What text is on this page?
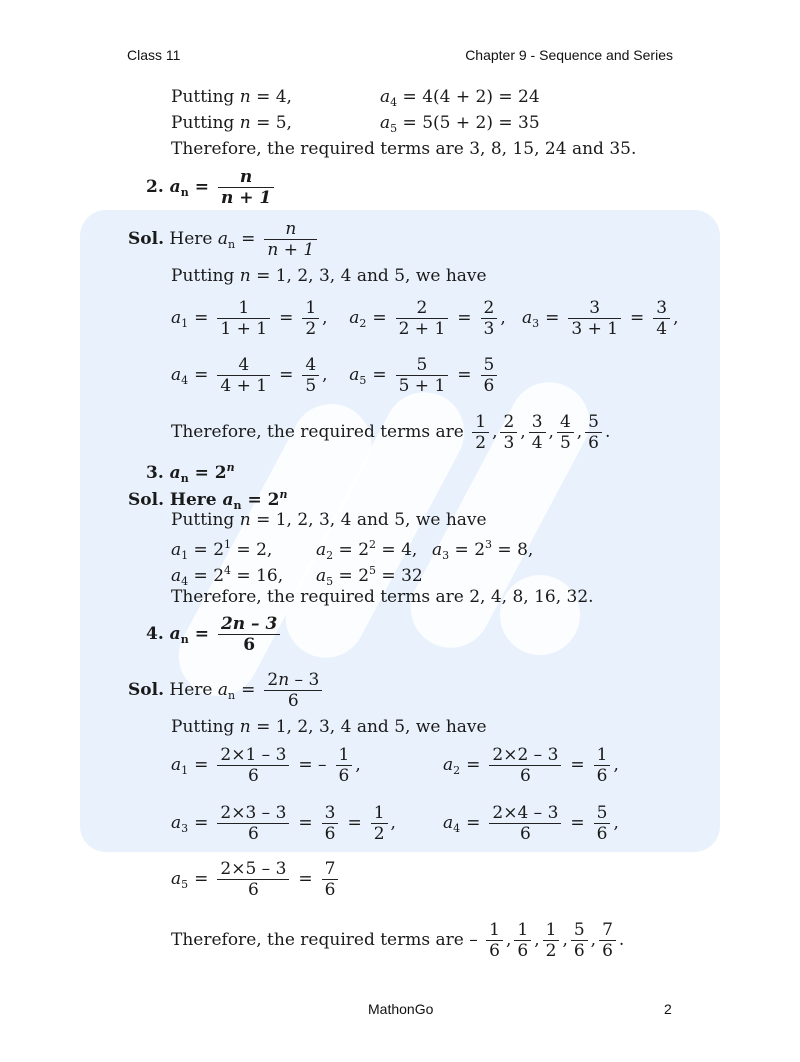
Class 11	Chapter 9 - Sequence and Series
Putting n = 4,	$a_4 = 4(4 + 2) = 24$
Putting n = 5,	$a_5 = 5(5 + 2) = 35$
Therefore, the required terms are 3, 8, 15, 24 and 35.
2. $a_n = \frac{n}{n + 1}$
Sol. Here $a_n = \frac{n}{n + 1}$
Putting n = 1, 2, 3, 4 and 5, we have
$a_1 = \frac{1}{1 + 1} = \frac{1}{2}$ , $a_2 = \frac{2}{2 + 1} = \frac{2}{3}$ , $a_3 = \frac{3}{3 + 1} = \frac{3}{4}$ ,
$a_4 = \frac{4}{4 + 1} = \frac{4}{5}$ , $a_5 = \frac{5}{5 + 1} = \frac{5}{6}$
Therefore, the required terms are $\frac{1}{2}$ , $\frac{2}{3}$ , $\frac{3}{4}$ , $\frac{4}{5}$ , $\frac{5}{6}$ .
3. $a_n = 2^n$
Sol. Here $a_n = 2^n$
Putting n = 1, 2, 3, 4 and 5, we have
$a_1 = 2^1 = 2$,	$a_2 = 2^2 = 4$, $a_3 = 2^3 = 8$,
$a_4 = 2^4 = 16$, $a_5 = 2^5 = 32$
Therefore, the required terms are 2, 4, 8, 16, 32.
4. $a_n = \frac{2n - 3}{6}$
Sol. Here $a_n = \frac{2n - 3}{6}$
Putting n = 1, 2, 3, 4 and 5, we have
$a_1 = \frac{2\times 1 - 3}{6}$ = – $\frac{1}{6}$ ,	$a_2 = \frac{2\times 2 - 3}{6} = \frac{1}{6}$ ,
$a_3 = \frac{2\times 3 - 3}{6} = \frac{3}{6} = \frac{1}{2}$ ,	$a_4 = \frac{2\times 4 - 3}{6} = \frac{5}{6}$ ,
$a_5 = \frac{2\times 5 - 3}{6} = \frac{7}{6}$
Therefore, the required terms are – $\frac{1}{6}$ , $\frac{1}{6}$ , $\frac{1}{2}$ , $\frac{5}{6}$ , $\frac{7}{6}$ .
MathonGo	2
